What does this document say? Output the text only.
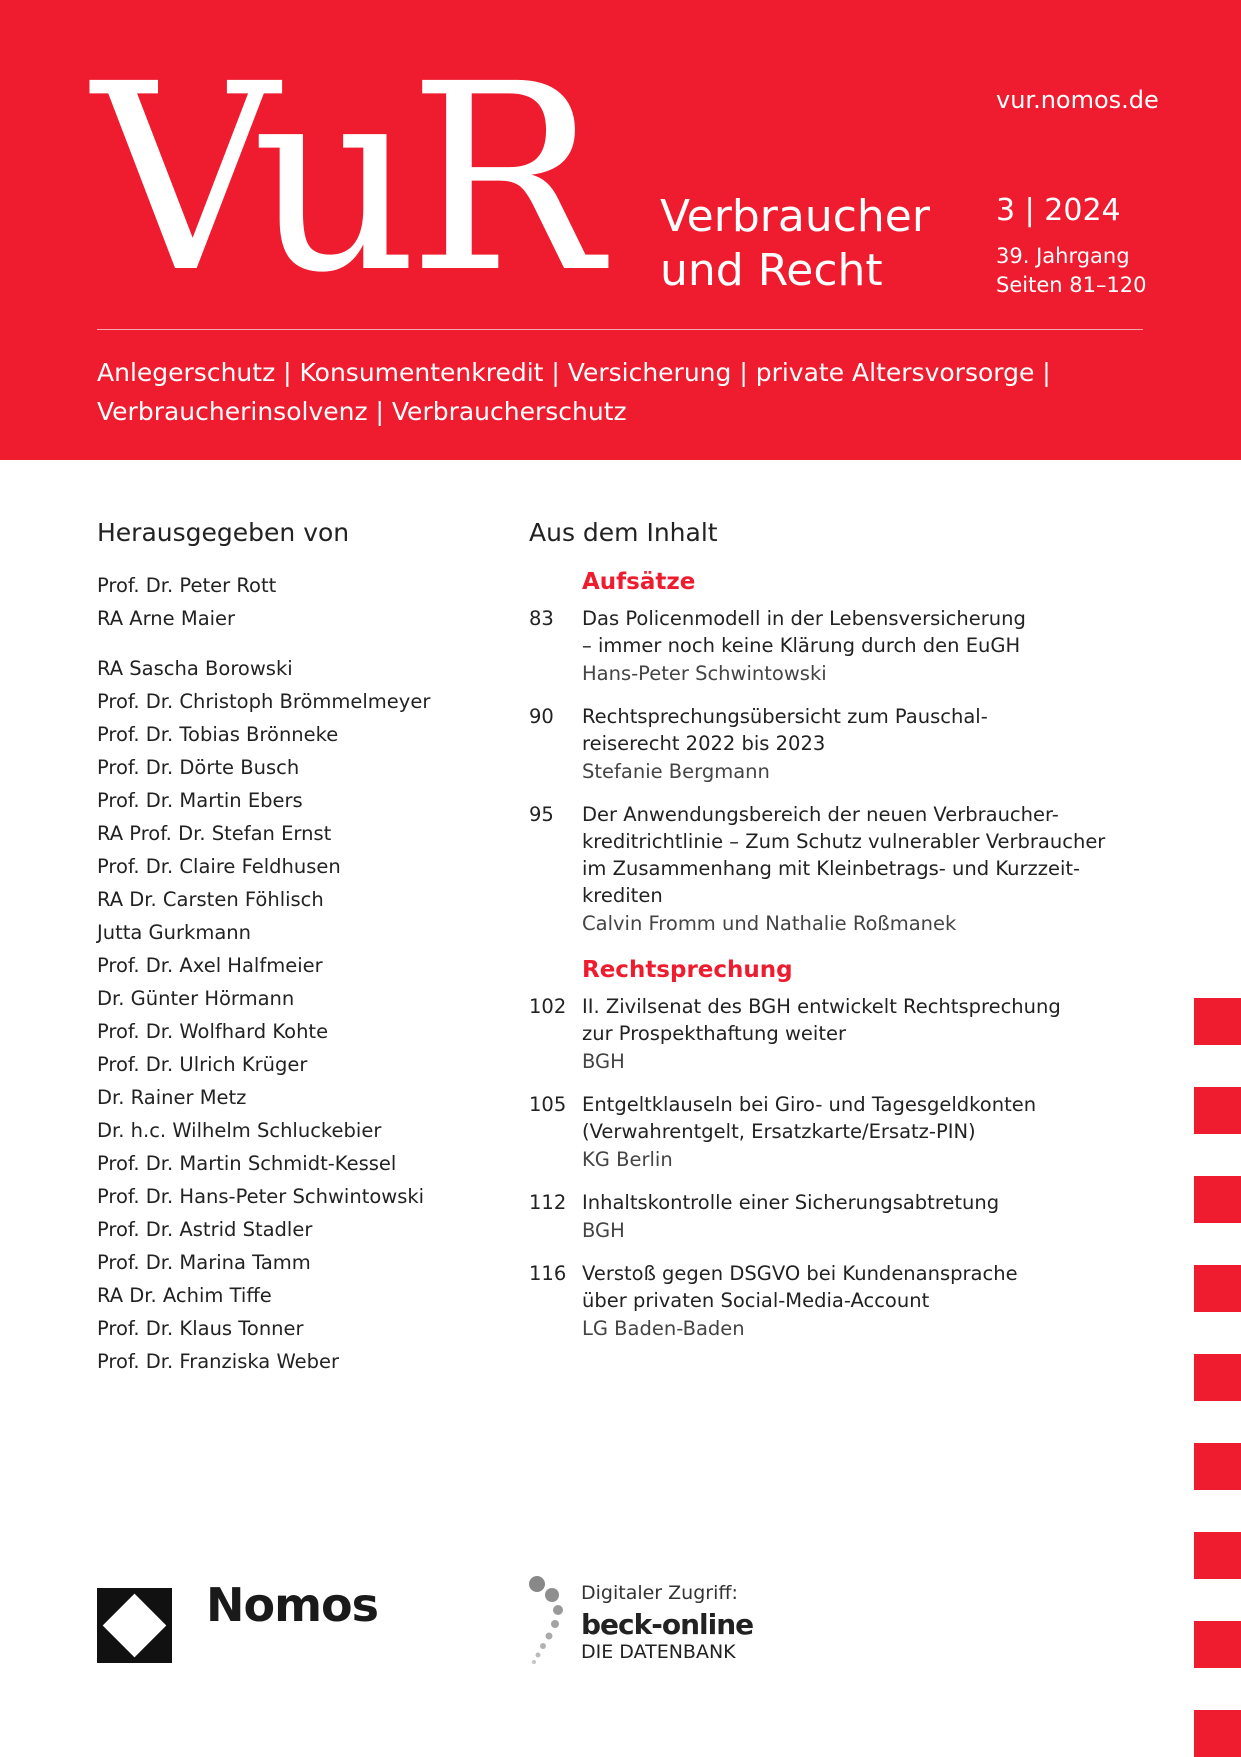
VuR Verbraucher
und Recht
vur.nomos.de
3 | 2024
39. Jahrgang
Seiten 81–120
Anlegerschutz | Konsumentenkredit | Versicherung | private Altersvorsorge |
Verbraucherinsolvenz | Verbraucherschutz
Herausgegeben von
Prof. Dr. Peter Rott
RA Arne Maier
RA Sascha Borowski
Prof. Dr. Christoph Brömmelmeyer
Prof. Dr. Tobias Brönneke
Prof. Dr. Dörte Busch
Prof. Dr. Martin Ebers
RA Prof. Dr. Stefan Ernst
Prof. Dr. Claire Feldhusen
RA Dr. Carsten Föhlisch
Jutta Gurkmann
Prof. Dr. Axel Halfmeier
Dr. Günter Hörmann
Prof. Dr. Wolfhard Kohte
Prof. Dr. Ulrich Krüger
Dr. Rainer Metz
Dr. h.c. Wilhelm Schluckebier
Prof. Dr. Martin Schmidt-Kessel
Prof. Dr. Hans-Peter Schwintowski
Prof. Dr. Astrid Stadler
Prof. Dr. Marina Tamm
RA Dr. Achim Tiffe
Prof. Dr. Klaus Tonner
Prof. Dr. Franziska Weber
Aus dem Inhalt
Aufsätze
83	Das Policenmodell in der Lebensversicherung
– immer noch keine Klärung durch den EuGH
Hans-Peter Schwintowski
90	Rechtsprechungsübersicht zum Pauschal-
reiserecht 2022 bis 2023
Stefanie Bergmann
95	Der Anwendungsbereich der neuen Verbraucher-
kreditrichtlinie – Zum Schutz vulnerabler Verbraucher
im Zusammenhang mit Kleinbetrags- und Kurzzeit-
krediten
Calvin Fromm und Nathalie Roßmanek
Rechtsprechung
102 II. Zivilsenat des BGH entwickelt Rechtsprechung
zur Prospekthaftung weiter
BGH
105 Entgeltklauseln bei Giro- und Tagesgeldkonten
(Verwahrentgelt, Ersatzkarte/Ersatz-PIN)
KG Berlin
112 Inhaltskontrolle einer Sicherungsabtretung
BGH
116 Verstoß gegen DSGVO bei Kundenansprache
über privaten Social-Media-Account
LG Baden-Baden
Nomos	Digitaler Zugriff:
beck-online
DIE DATENBANK
